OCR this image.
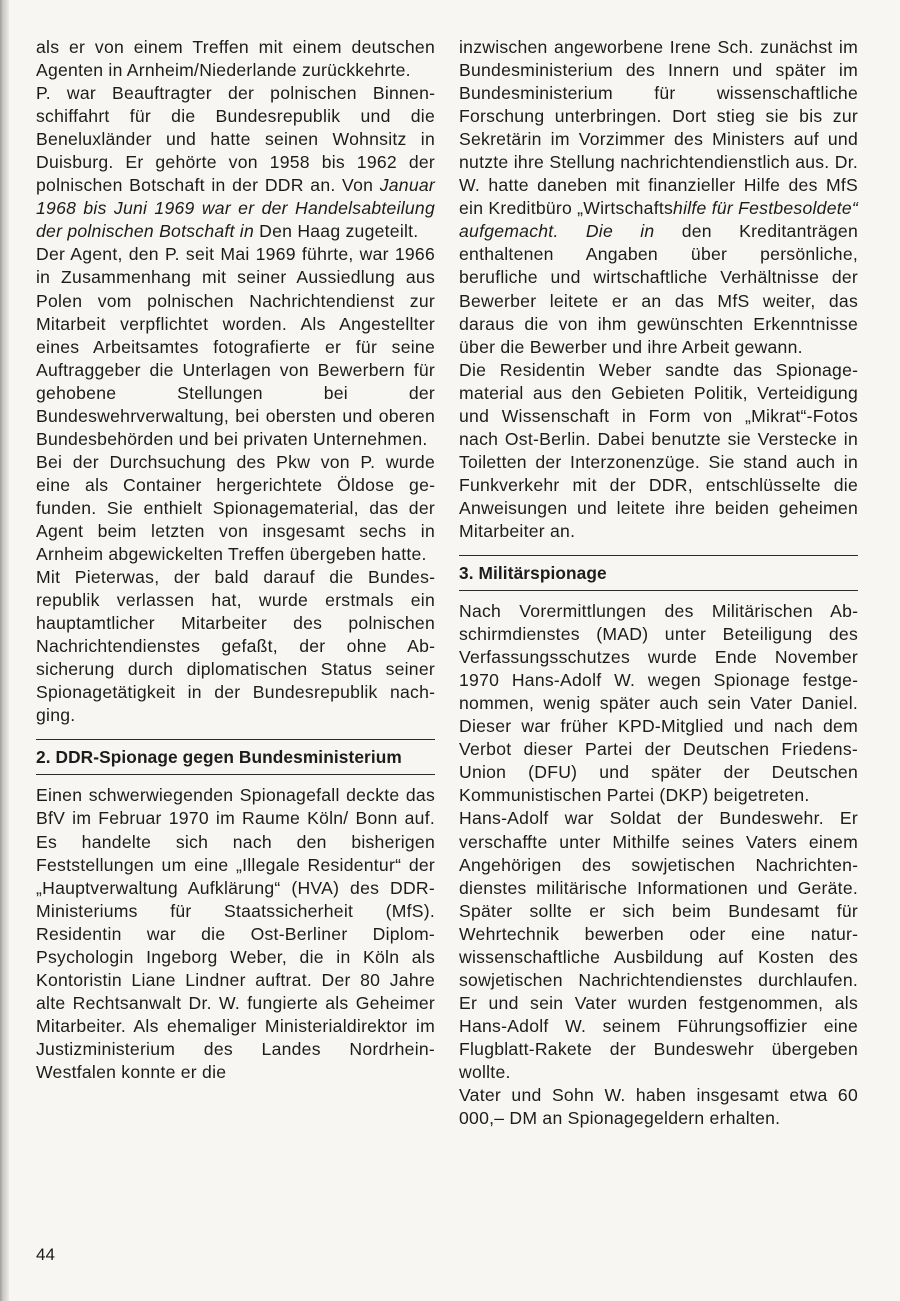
als er von einem Treffen mit einem deutschen Agenten in Arnheim/Niederlande zurückkehrte.

P. war Beauftragter der polnischen Binnenschiffahrt für die Bundesrepublik und die Beneluxländer und hatte seinen Wohnsitz in Duisburg. Er gehörte von 1958 bis 1962 der polnischen Botschaft in der DDR an. Von Januar 1968 bis Juni 1969 war er der Handelsabteilung der polnischen Botschaft in Den Haag zugeteilt.

Der Agent, den P. seit Mai 1969 führte, war 1966 in Zusammenhang mit seiner Aussiedlung aus Polen vom polnischen Nachrichtendienst zur Mitarbeit verpflichtet worden. Als Angestellter eines Arbeitsamtes fotografierte er für seine Auftraggeber die Unterlagen von Bewerbern für gehobene Stellungen bei der Bundeswehrverwaltung, bei obersten und oberen Bundesbehörden und bei privaten Unternehmen.

Bei der Durchsuchung des Pkw von P. wurde eine als Container hergerichtete Öldose gefunden. Sie enthielt Spionagematerial, das der Agent beim letzten von insgesamt sechs in Arnheim abgewickelten Treffen übergeben hatte.

Mit Pieterwas, der bald darauf die Bundesrepublik verlassen hat, wurde erstmals ein hauptamtlicher Mitarbeiter des polnischen Nachrichtendienstes gefaßt, der ohne Absicherung durch diplomatischen Status seiner Spionagetätigkeit in der Bundesrepublik nachging.

2. DDR-Spionage gegen Bundesministerium

Einen schwerwiegenden Spionagefall deckte das BfV im Februar 1970 im Raume Köln/ Bonn auf. Es handelte sich nach den bisherigen Feststellungen um eine „Illegale Residentur“ der „Hauptverwaltung Aufklärung“ (HVA) des DDR-Ministeriums für Staatssicherheit (MfS). Residentin war die Ost-Berliner Diplom-Psychologin Ingeborg Weber, die in Köln als Kontoristin Liane Lindner auftrat. Der 80 Jahre alte Rechtsanwalt Dr. W. fungierte als Geheimer Mitarbeiter. Als ehemaliger Ministerialdirektor im Justizministerium des Landes Nordrhein-Westfalen konnte er die

inzwischen angeworbene Irene Sch. zunächst im Bundesministerium des Innern und später im Bundesministerium für wissenschaftliche Forschung unterbringen. Dort stieg sie bis zur Sekretärin im Vorzimmer des Ministers auf und nutzte ihre Stellung nachrichtendienstlich aus. Dr. W. hatte daneben mit finanzieller Hilfe des MfS ein Kreditbüro „Wirtschaftshilfe für Festbesoldete“ aufgemacht. Die in den Kreditanträgen enthaltenen Angaben über persönliche, berufliche und wirtschaftliche Verhältnisse der Bewerber leitete er an das MfS weiter, das daraus die von ihm gewünschten Erkenntnisse über die Bewerber und ihre Arbeit gewann.

Die Residentin Weber sandte das Spionagematerial aus den Gebieten Politik, Verteidigung und Wissenschaft in Form von „Mikrat“-Fotos nach Ost-Berlin. Dabei benutzte sie Verstecke in Toiletten der Interzonenzüge. Sie stand auch in Funkverkehr mit der DDR, entschlüsselte die Anweisungen und leitete ihre beiden geheimen Mitarbeiter an.

3. Militärspionage

Nach Vorermittlungen des Militärischen Abschirmdienstes (MAD) unter Beteiligung des Verfassungsschutzes wurde Ende November 1970 Hans-Adolf W. wegen Spionage festgenommen, wenig später auch sein Vater Daniel. Dieser war früher KPD-Mitglied und nach dem Verbot dieser Partei der Deutschen Friedens-Union (DFU) und später der Deutschen Kommunistischen Partei (DKP) beigetreten.

Hans-Adolf war Soldat der Bundeswehr. Er verschaffte unter Mithilfe seines Vaters einem Angehörigen des sowjetischen Nachrichtendienstes militärische Informationen und Geräte. Später sollte er sich beim Bundesamt für Wehrtechnik bewerben oder eine naturwissenschaftliche Ausbildung auf Kosten des sowjetischen Nachrichtendienstes durchlaufen. Er und sein Vater wurden festgenommen, als Hans-Adolf W. seinem Führungsoffizier eine Flugblatt-Rakete der Bundeswehr übergeben wollte.

Vater und Sohn W. haben insgesamt etwa 60 000,– DM an Spionagegeldern erhalten.

44
